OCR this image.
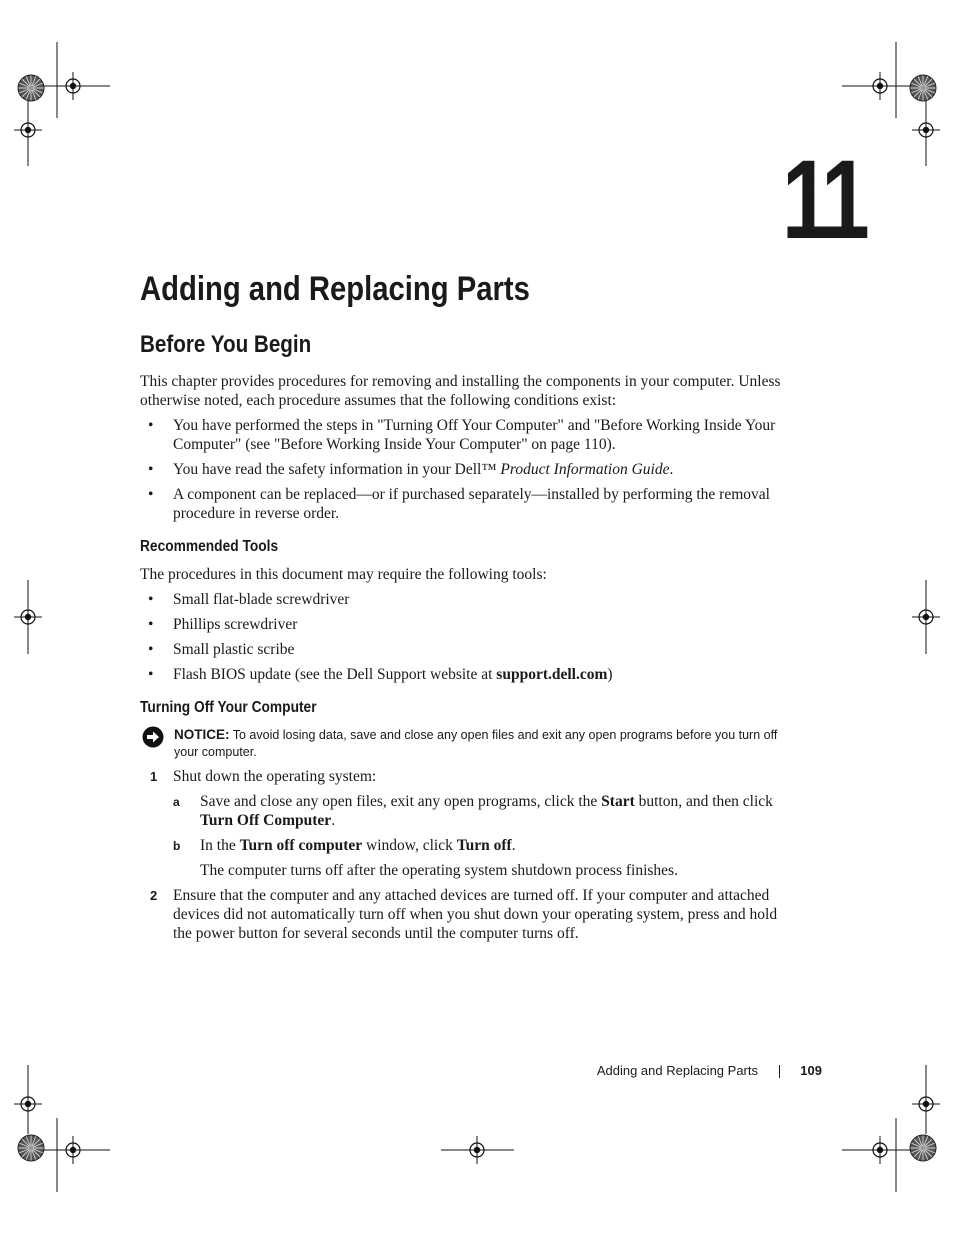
11
Adding and Replacing Parts
Before You Begin

This chapter provides procedures for removing and installing the components in your computer. Unless otherwise noted, each procedure assumes that the following conditions exist:

• You have performed the steps in "Turning Off Your Computer" and "Before Working Inside Your Computer" (see "Before Working Inside Your Computer" on page 110).
• You have read the safety information in your Dell™ Product Information Guide.
• A component can be replaced—or if purchased separately—installed by performing the removal procedure in reverse order.
Recommended Tools

The procedures in this document may require the following tools:

• Small flat-blade screwdriver
• Phillips screwdriver
• Small plastic scribe
• Flash BIOS update (see the Dell Support website at support.dell.com)
Turning Off Your Computer
NOTICE: To avoid losing data, save and close any open files and exit any open programs before you turn off your computer.
1 Shut down the operating system:
a Save and close any open files, exit any open programs, click the Start button, and then click Turn Off Computer.
b In the Turn off computer window, click Turn off.
The computer turns off after the operating system shutdown process finishes.
2 Ensure that the computer and any attached devices are turned off. If your computer and attached devices did not automatically turn off when you shut down your operating system, press and hold the power button for several seconds until the computer turns off.
Adding and Replacing Parts	109
